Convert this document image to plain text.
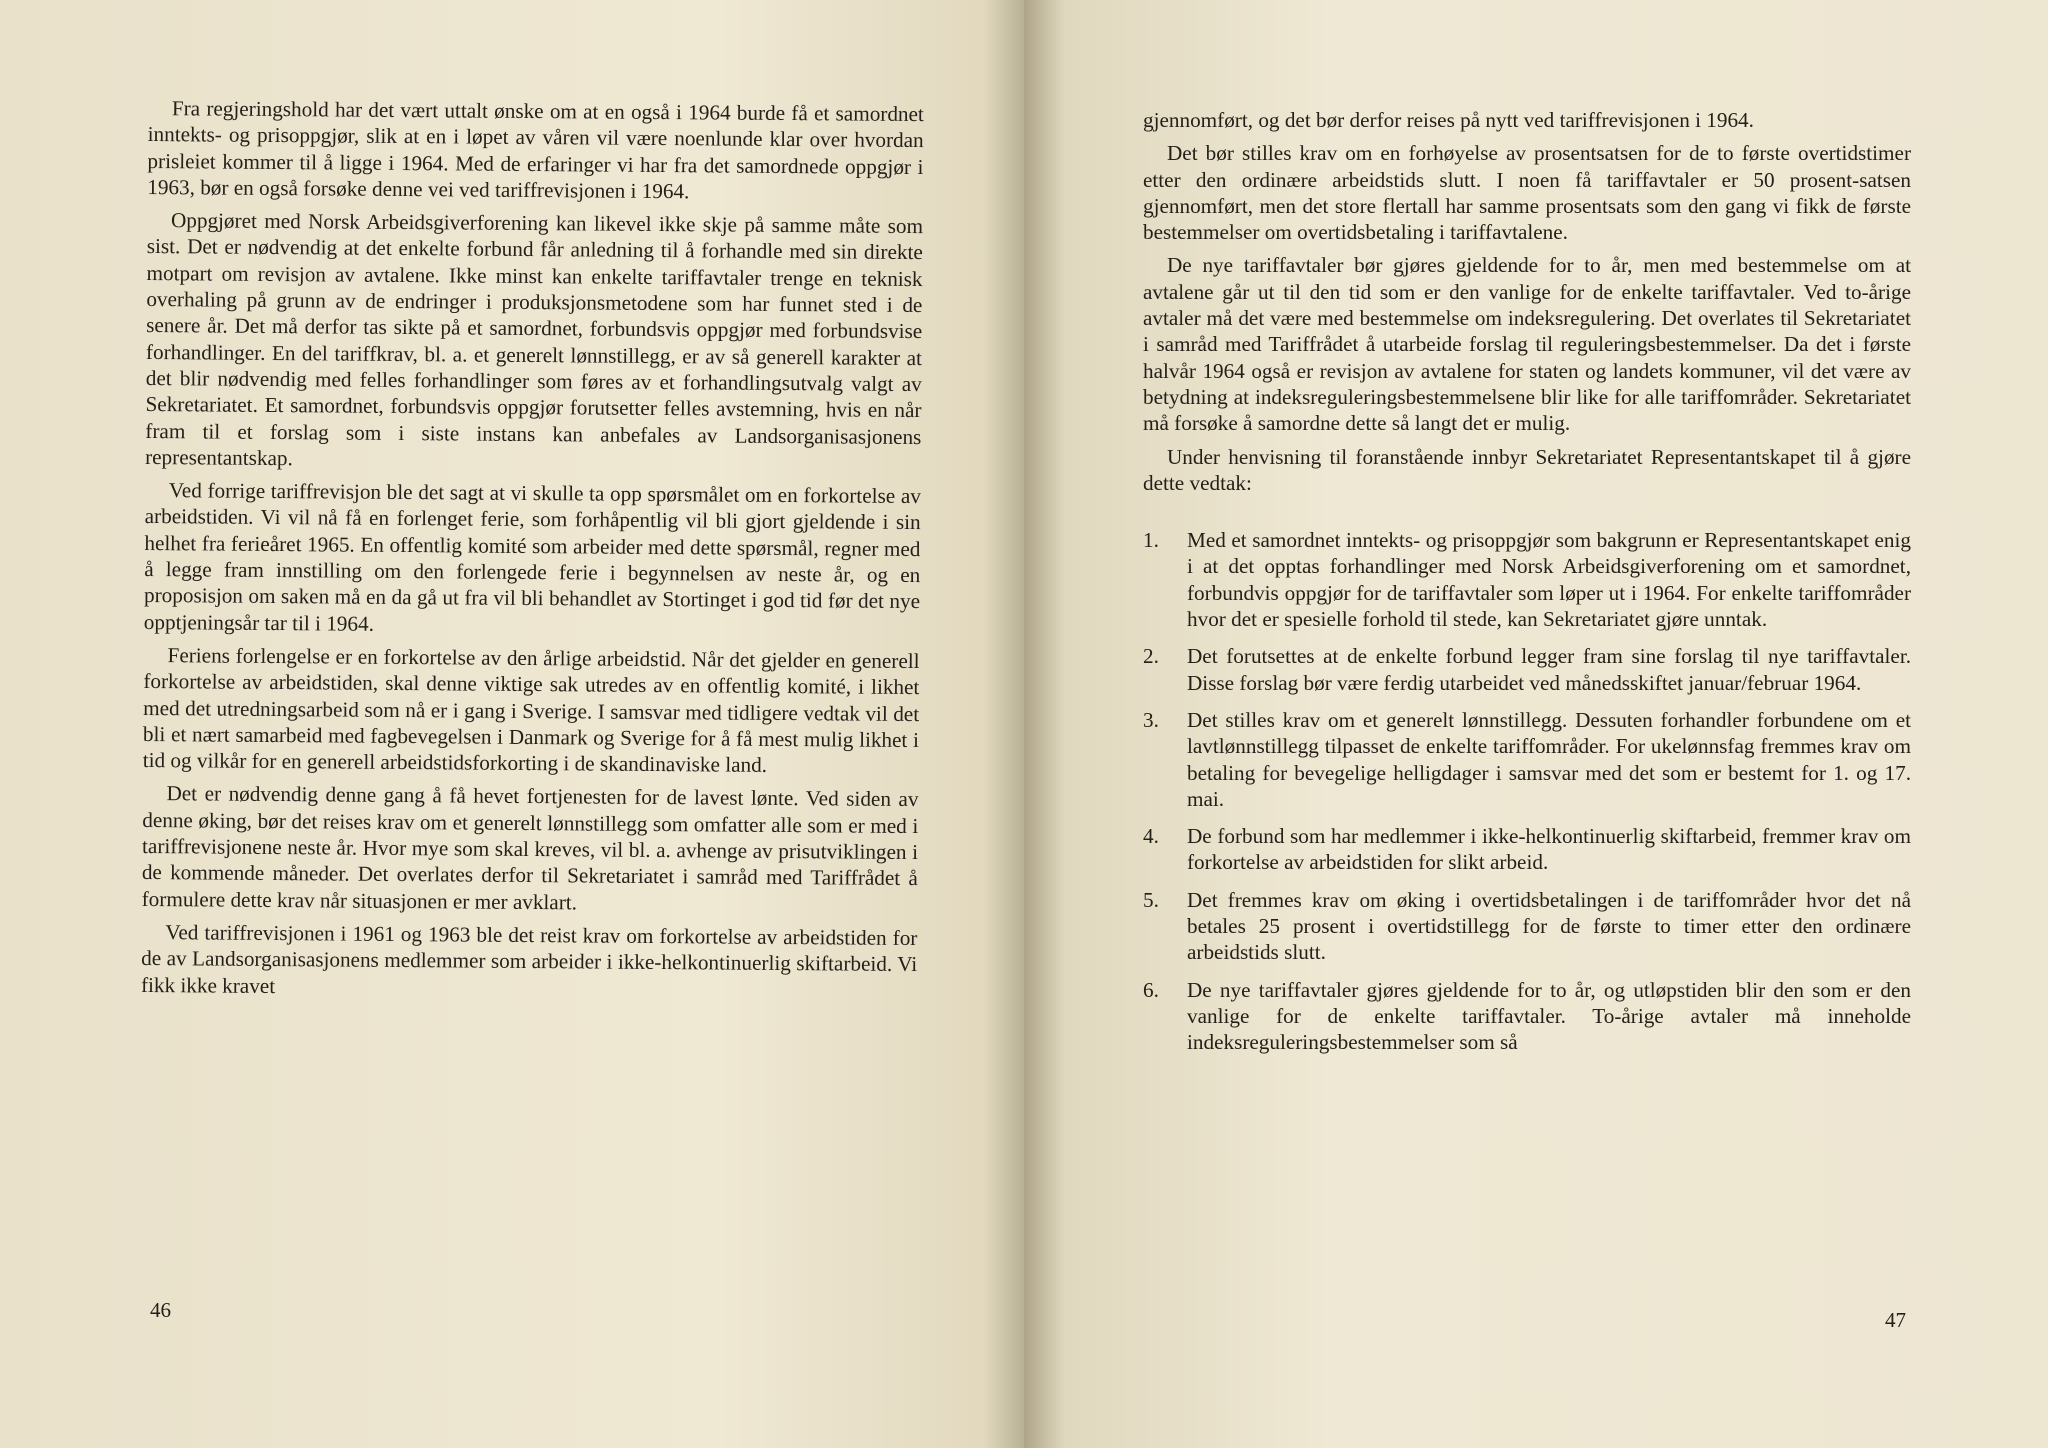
Fra regjeringshold har det vært uttalt ønske om at en også i 1964 burde få et samordnet inntekts- og prisoppgjør, slik at en i løpet av våren vil være noenlunde klar over hvordan prisleiet kommer til å ligge i 1964. Med de erfaringer vi har fra det samordnede oppgjør i 1963, bør en også forsøke denne vei ved tariffrevisjonen i 1964.

Oppgjøret med Norsk Arbeidsgiverforening kan likevel ikke skje på samme måte som sist. Det er nødvendig at det enkelte forbund får anledning til å forhandle med sin direkte motpart om revisjon av avtalene. Ikke minst kan enkelte tariffavtaler trenge en teknisk overhaling på grunn av de endringer i produksjonsmetodene som har funnet sted i de senere år. Det må derfor tas sikte på et samordnet, forbundsvis oppgjør med forbundsvise forhandlinger. En del tariffkrav, bl. a. et generelt lønnstillegg, er av så generell karakter at det blir nødvendig med felles forhandlinger som føres av et forhandlingsutvalg valgt av Sekretariatet. Et samordnet, forbundsvis oppgjør forutsetter felles avstemning, hvis en når fram til et forslag som i siste instans kan anbefales av Landsorganisasjonens representantskap.

Ved forrige tariffrevisjon ble det sagt at vi skulle ta opp spørsmålet om en forkortelse av arbeidstiden. Vi vil nå få en forlenget ferie, som forhåpentlig vil bli gjort gjeldende i sin helhet fra ferieåret 1965. En offentlig komité som arbeider med dette spørsmål, regner med å legge fram innstilling om den forlengede ferie i begynnelsen av neste år, og en proposisjon om saken må en da gå ut fra vil bli behandlet av Stortinget i god tid før det nye opptjeningsår tar til i 1964.

Feriens forlengelse er en forkortelse av den årlige arbeidstid. Når det gjelder en generell forkortelse av arbeidstiden, skal denne viktige sak utredes av en offentlig komité, i likhet med det utredningsarbeid som nå er i gang i Sverige. I samsvar med tidligere vedtak vil det bli et nært samarbeid med fagbevegelsen i Danmark og Sverige for å få mest mulig likhet i tid og vilkår for en generell arbeidstidsforkorting i de skandinaviske land.

Det er nødvendig denne gang å få hevet fortjenesten for de lavest lønte. Ved siden av denne øking, bør det reises krav om et generelt lønnstillegg som omfatter alle som er med i tariffrevisjonene neste år. Hvor mye som skal kreves, vil bl. a. avhenge av prisutviklingen i de kommende måneder. Det overlates derfor til Sekretariatet i samråd med Tariffrådet å formulere dette krav når situasjonen er mer avklart.

Ved tariffrevisjonen i 1961 og 1963 ble det reist krav om forkortelse av arbeidstiden for de av Landsorganisasjonens medlemmer som arbeider i ikke-helkontinuerlig skiftarbeid. Vi fikk ikke kravet

46

gjennomført, og det bør derfor reises på nytt ved tariffrevisjonen i 1964.

Det bør stilles krav om en forhøyelse av prosentsatsen for de to første overtidstimer etter den ordinære arbeidstids slutt. I noen få tariffavtaler er 50 prosent-satsen gjennomført, men det store flertall har samme prosentsats som den gang vi fikk de første bestemmelser om overtidsbetaling i tariffavtalene.

De nye tariffavtaler bør gjøres gjeldende for to år, men med bestemmelse om at avtalene går ut til den tid som er den vanlige for de enkelte tariffavtaler. Ved to-årige avtaler må det være med bestemmelse om indeksregulering. Det overlates til Sekretariatet i samråd med Tariffrådet å utarbeide forslag til reguleringsbestemmelser. Da det i første halvår 1964 også er revisjon av avtalene for staten og landets kommuner, vil det være av betydning at indeksreguleringsbestemmelsene blir like for alle tariffområder. Sekretariatet må forsøke å samordne dette så langt det er mulig.

Under henvisning til foranstående innbyr Sekretariatet Representantskapet til å gjøre dette vedtak:

1.	Med et samordnet inntekts- og prisoppgjør som bakgrunn er Representantskapet enig i at det opptas forhandlinger med Norsk Arbeidsgiverforening om et samordnet, forbundvis oppgjør for de tariffavtaler som løper ut i 1964. For enkelte tariffområder hvor det er spesielle forhold til stede, kan Sekretariatet gjøre unntak.
2.	Det forutsettes at de enkelte forbund legger fram sine forslag til nye tariffavtaler. Disse forslag bør være ferdig utarbeidet ved månedsskiftet januar/februar 1964.
3.	Det stilles krav om et generelt lønnstillegg. Dessuten forhandler forbundene om et lavtlønnstillegg tilpasset de enkelte tariffområder. For ukelønnsfag fremmes krav om betaling for bevegelige helligdager i samsvar med det som er bestemt for 1. og 17. mai.
4.	De forbund som har medlemmer i ikke-helkontinuerlig skiftarbeid, fremmer krav om forkortelse av arbeidstiden for slikt arbeid.
5.	Det fremmes krav om øking i overtidsbetalingen i de tariffområder hvor det nå betales 25 prosent i overtidstillegg for de første to timer etter den ordinære arbeidstids slutt.
6.	De nye tariffavtaler gjøres gjeldende for to år, og utløpstiden blir den som er den vanlige for de enkelte tariffavtaler. To-årige avtaler må inneholde indeksreguleringsbestemmelser som så
47
